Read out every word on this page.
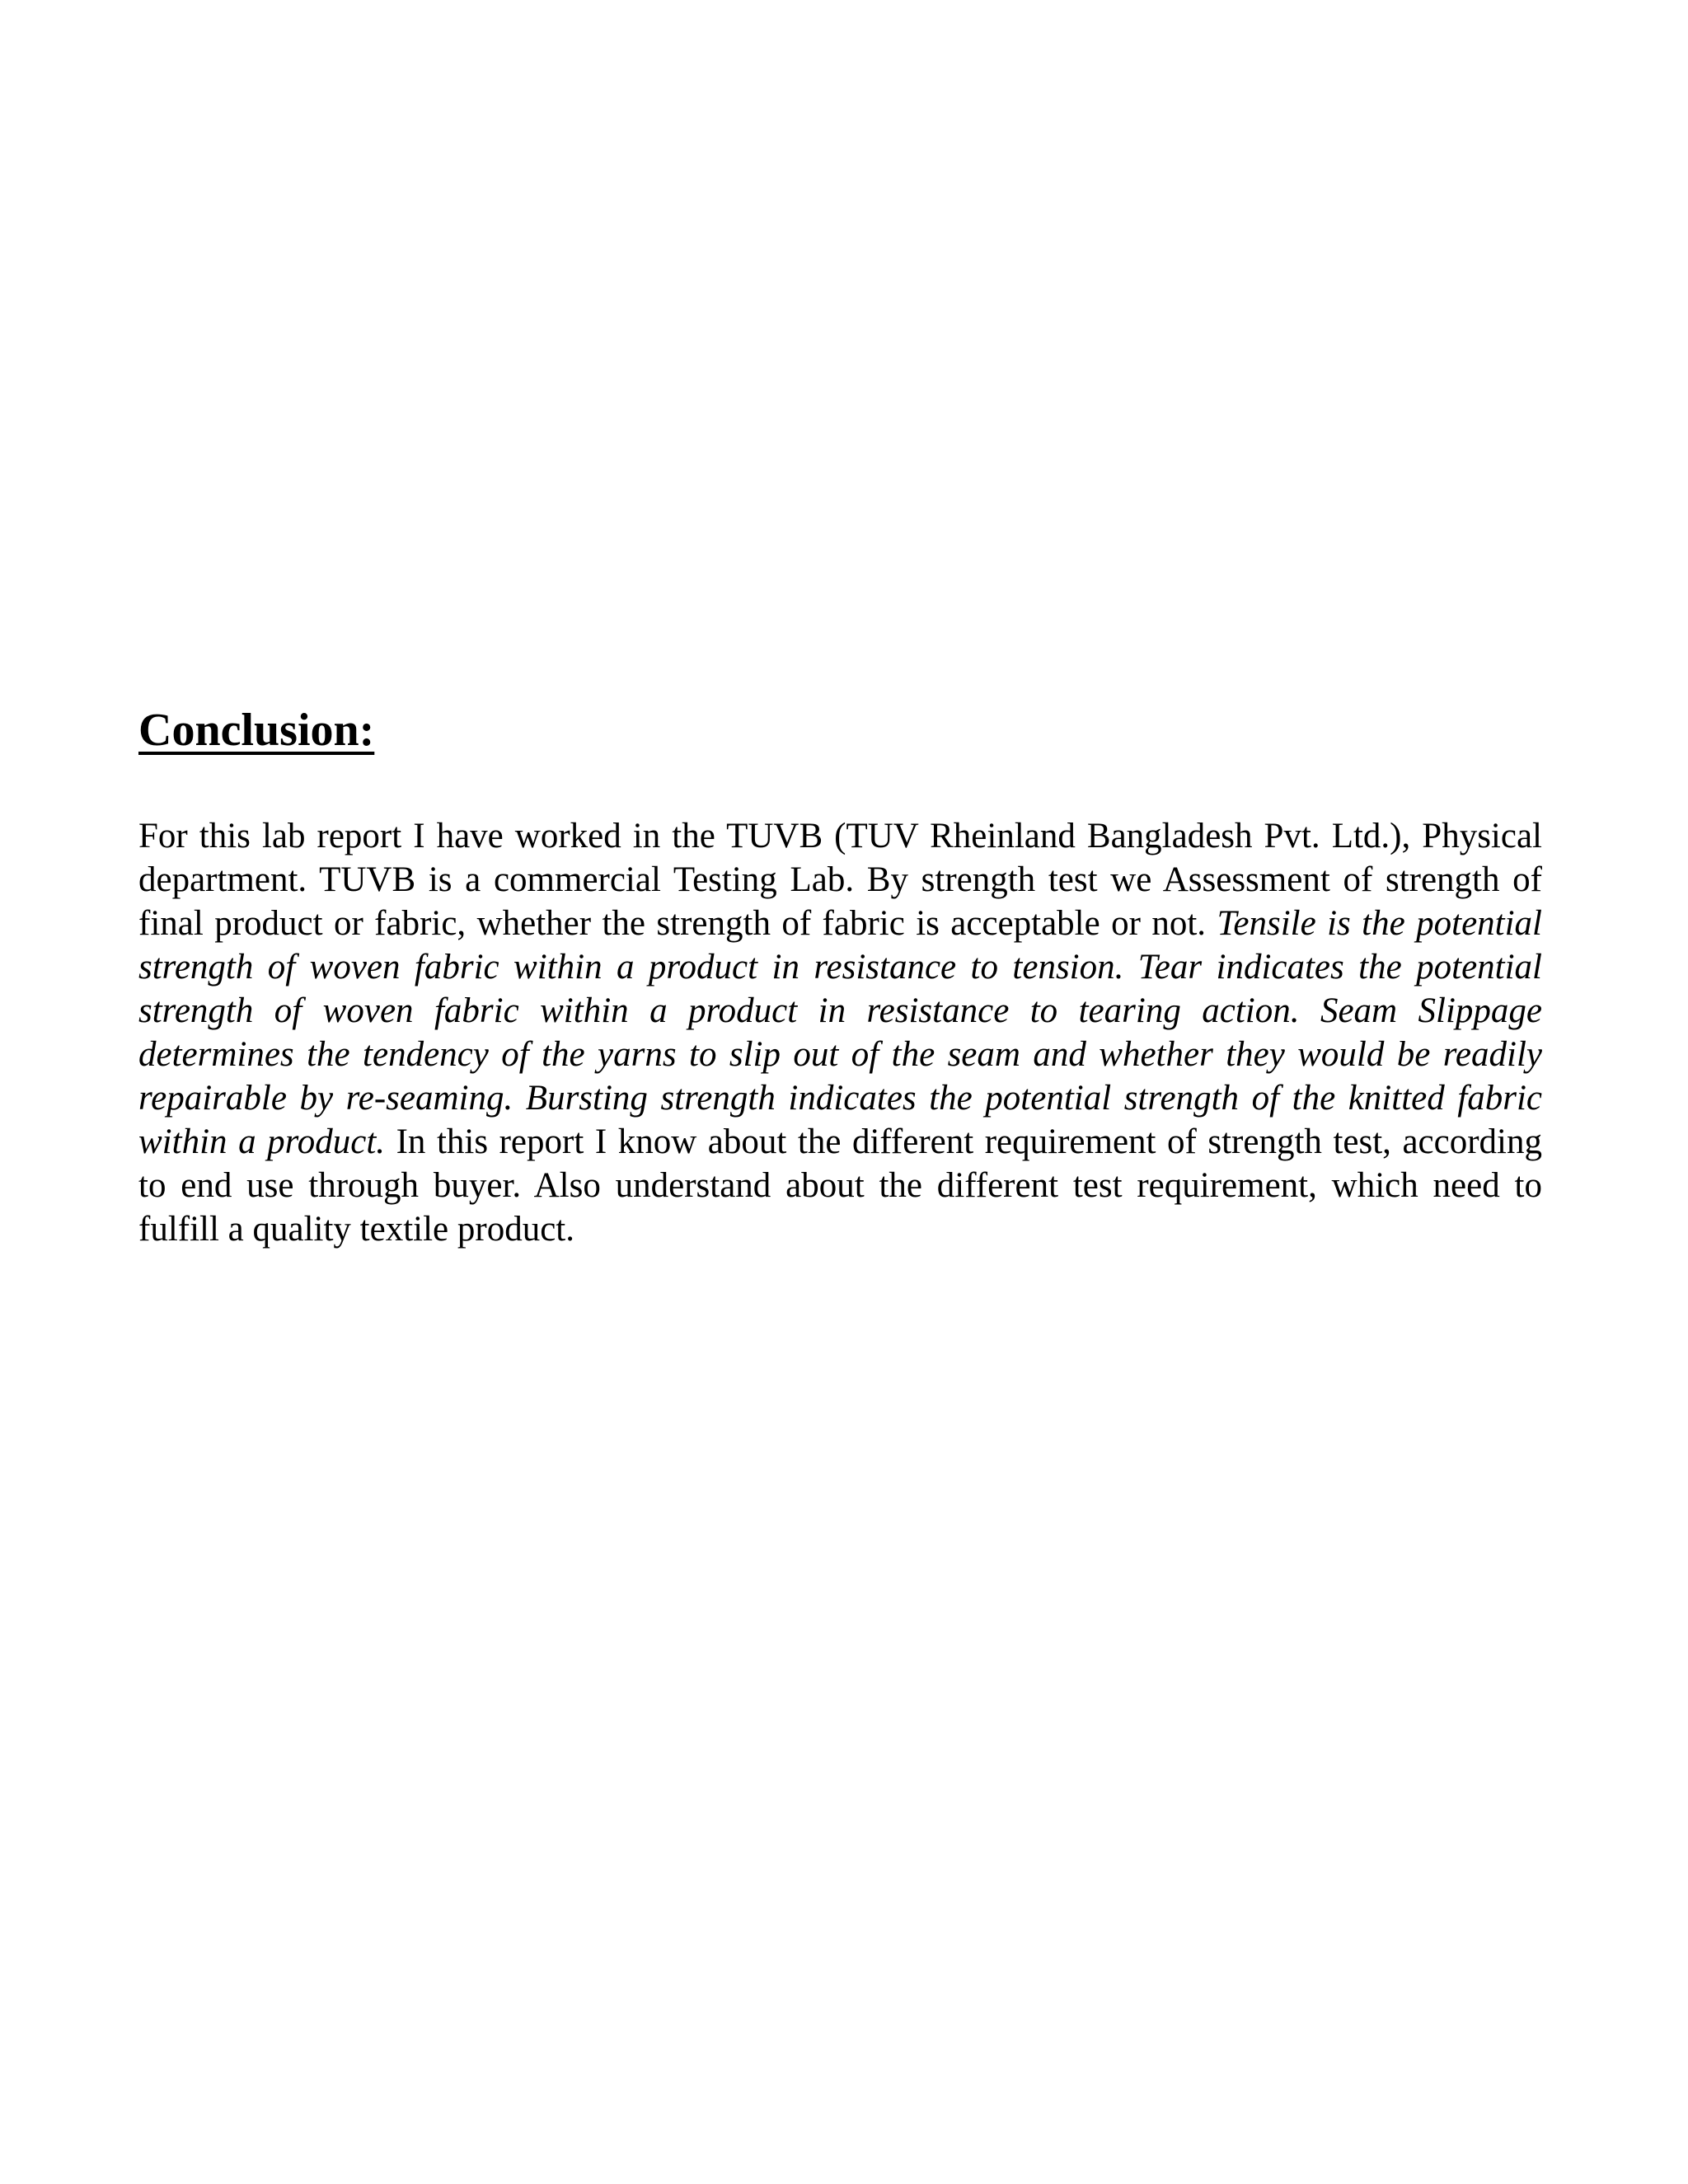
Conclusion:

For this lab report I have worked in the TUVB (TUV Rheinland Bangladesh Pvt. Ltd.), Physical department. TUVB is a commercial Testing Lab. By strength test we Assessment of strength of final product or fabric, whether the strength of fabric is acceptable or not. Tensile is the potential strength of woven fabric within a product in resistance to tension. Tear indicates the potential strength of woven fabric within a product in resistance to tearing action. Seam Slippage determines the tendency of the yarns to slip out of the seam and whether they would be readily repairable by re-seaming. Bursting strength indicates the potential strength of the knitted fabric within a product. In this report I know about the different requirement of strength test, according to end use through buyer. Also understand about the different test requirement, which need to fulfill a quality textile product.
